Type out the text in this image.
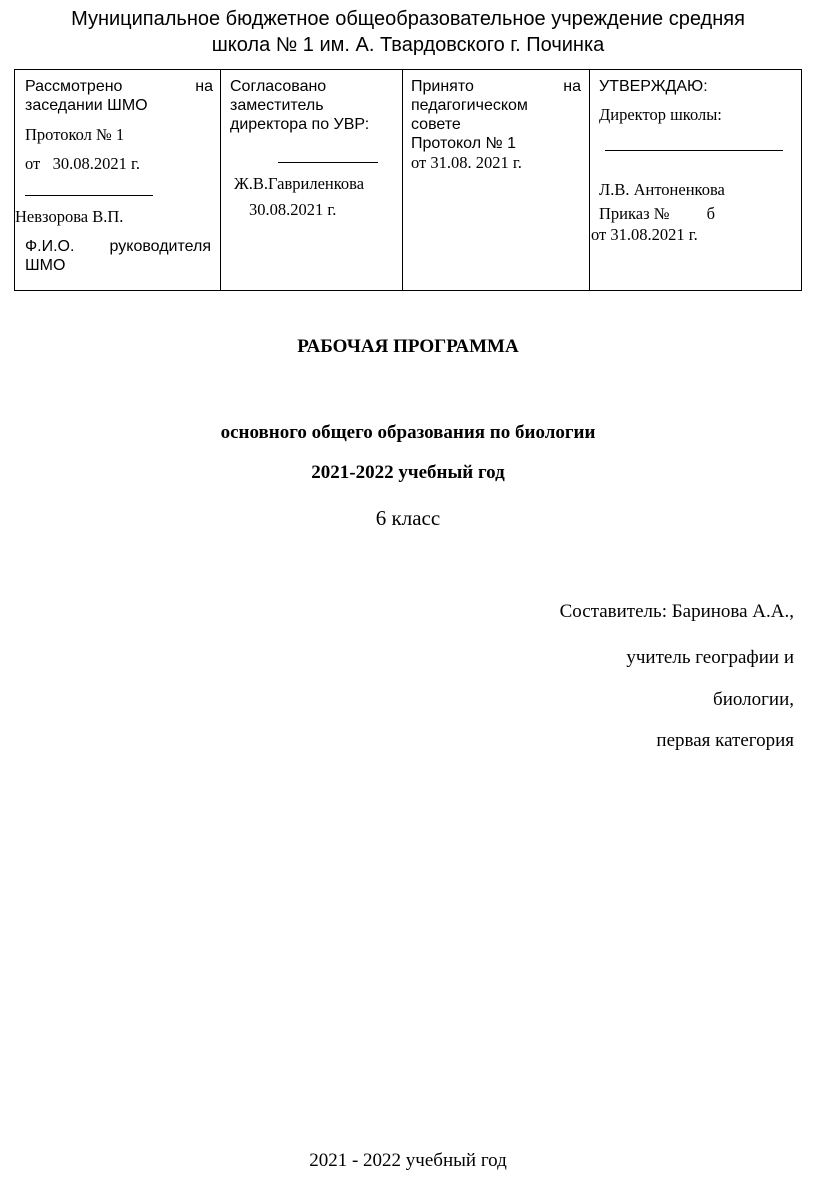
Муниципальное бюджетное общеобразовательное учреждение средняя
школа № 1 им. А. Твардовского г. Починка
Рассмотрено	на
заседании ШМО
Протокол № 1
от   30.08.2021 г.
Невзорова В.П.
Ф.И.О. руководителя
ШМО
Согласовано
заместитель
директора по УВР:
Ж.В.Гавриленкова
30.08.2021 г.
Принято	на
педагогическом
совете
Протокол № 1
от 31.08. 2021 г.
УТВЕРЖДАЮ:
Директор школы:
Л.В. Антоненкова
Приказ №         б
от 31.08.2021 г.
РАБОЧАЯ ПРОГРАММА
основного общего образования по биологии
2021-2022 учебный год
6 класс
Составитель: Баринова А.А.,
учитель географии и
биологии,
первая категория
2021 - 2022 учебный год
